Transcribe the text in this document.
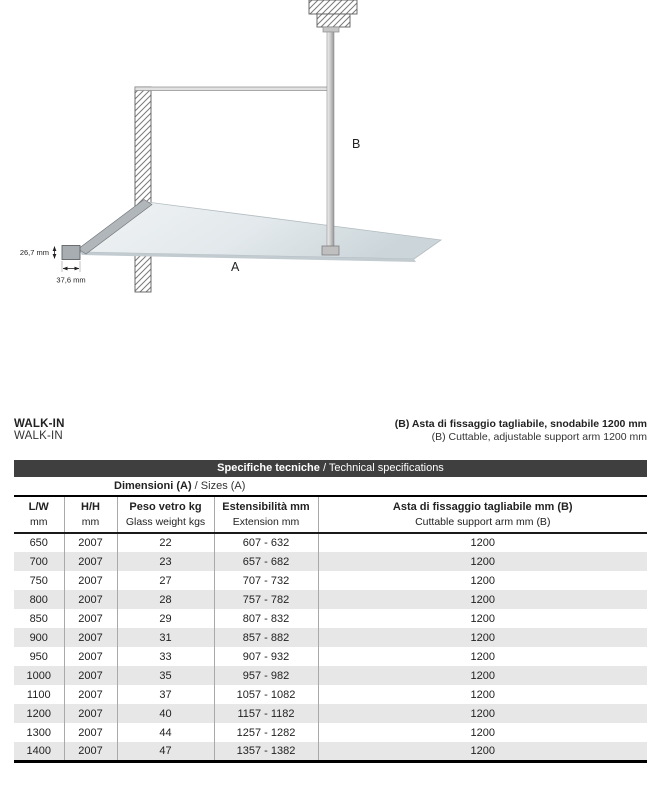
26,7 mm
37,6 mm
A
B
WALK-IN
WALK-IN
(B) Asta di fissaggio tagliabile, snodabile 1200 mm
(B) Cuttable, adjustable support arm 1200 mm
Specifiche tecniche / Technical specifications				
Dimensioni (A) / Sizes (A)				

L/W
mm

H/H
mm

Peso vetro kg
Glass weight kgs

Estensibilità mm
Extension mm

Asta di fissaggio tagliabile mm (B)
Cuttable support arm mm (B)

650	2007	22	607 - 632	1200
700	2007	23	657 - 682	1200
750	2007	27	707 - 732	1200
800	2007	28	757 - 782	1200
850	2007	29	807 - 832	1200
900	2007	31	857 - 882	1200
950	2007	33	907 - 932	1200
1000	2007	35	957 - 982	1200
1100	2007	37	1057 - 1082	1200
1200	2007	40	1157 - 1182	1200
1300	2007	44	1257 - 1282	1200
1400	2007	47	1357 - 1382	1200
